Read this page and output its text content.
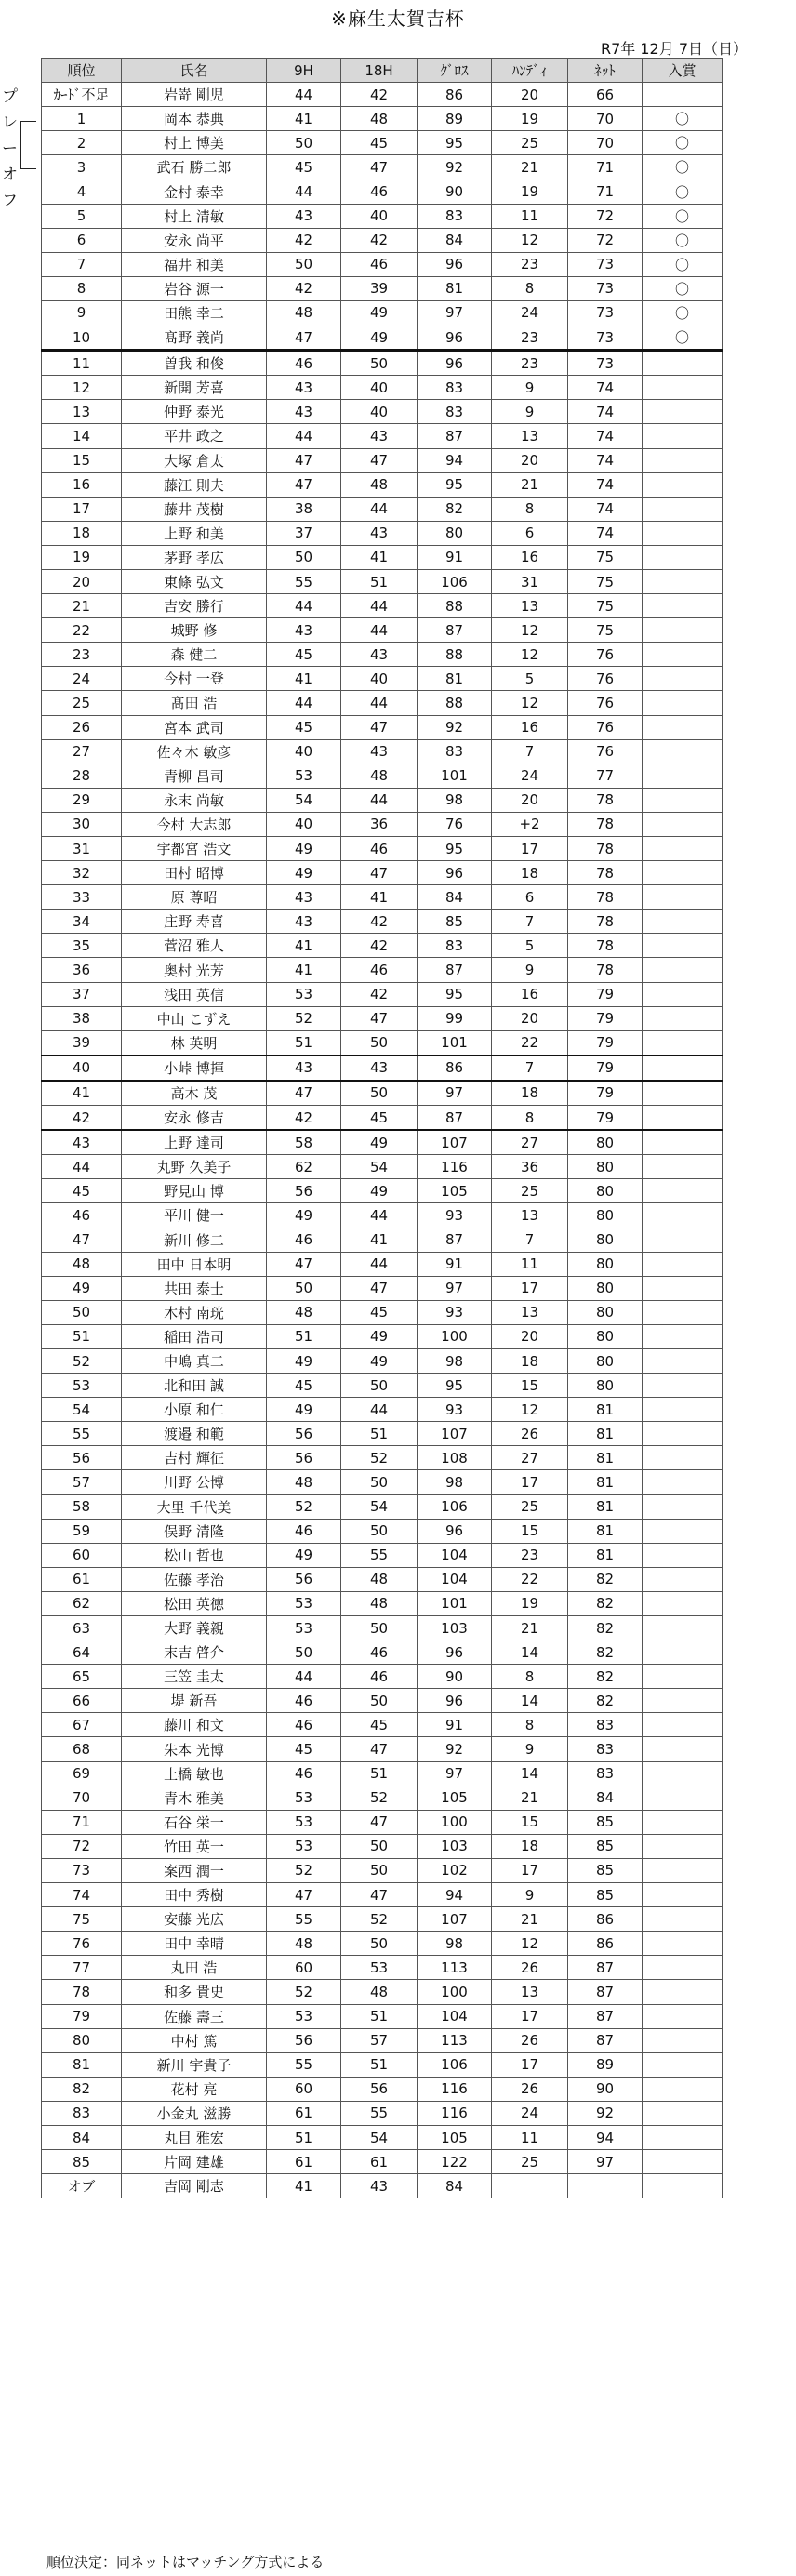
※麻生太賀吉杯
R7年 12月 7日（日）
プ
レ
ー
オ
フ
順位	氏名	9H	18H	ｸﾞﾛｽ	ﾊﾝﾃﾞｨ	ﾈｯﾄ	入賞
ｶｰﾄﾞ不足	岩嵜 剛児	44	42	86	20	66	
1	岡本 恭典	41	48	89	19	70	〇
2	村上 博美	50	45	95	25	70	〇
3	武石 勝二郎	45	47	92	21	71	〇
4	金村 泰幸	44	46	90	19	71	〇
5	村上 清敏	43	40	83	11	72	〇
6	安永 尚平	42	42	84	12	72	〇
7	福井 和美	50	46	96	23	73	〇
8	岩谷 源一	42	39	81	8	73	〇
9	田熊 幸二	48	49	97	24	73	〇
10	髙野 義尚	47	49	96	23	73	〇
11	曽我 和俊	46	50	96	23	73	
12	新開 芳喜	43	40	83	9	74	
13	仲野 泰光	43	40	83	9	74	
14	平井 政之	44	43	87	13	74	
15	大塚 倉太	47	47	94	20	74	
16	藤江 則夫	47	48	95	21	74	
17	藤井 茂樹	38	44	82	8	74	
18	上野 和美	37	43	80	6	74	
19	茅野 孝広	50	41	91	16	75	
20	東條 弘文	55	51	106	31	75	
21	吉安 勝行	44	44	88	13	75	
22	城野 修	43	44	87	12	75	
23	森 健二	45	43	88	12	76	
24	今村 一登	41	40	81	5	76	
25	髙田 浩	44	44	88	12	76	
26	宮本 武司	45	47	92	16	76	
27	佐々木 敏彦	40	43	83	7	76	
28	青柳 昌司	53	48	101	24	77	
29	永末 尚敏	54	44	98	20	78	
30	今村 大志郎	40	36	76	+2	78	
31	宇都宮 浩文	49	46	95	17	78	
32	田村 昭博	49	47	96	18	78	
33	原 尊昭	43	41	84	6	78	
34	庄野 寿喜	43	42	85	7	78	
35	菅沼 雅人	41	42	83	5	78	
36	奥村 光芳	41	46	87	9	78	
37	浅田 英信	53	42	95	16	79	
38	中山 こずえ	52	47	99	20	79	
39	林 英明	51	50	101	22	79	
40	小峠 博揮	43	43	86	7	79	
41	高木 茂	47	50	97	18	79	
42	安永 修吉	42	45	87	8	79	
43	上野 達司	58	49	107	27	80	
44	丸野 久美子	62	54	116	36	80	
45	野見山 博	56	49	105	25	80	
46	平川 健一	49	44	93	13	80	
47	新川 修二	46	41	87	7	80	
48	田中 日本明	47	44	91	11	80	
49	共田 泰士	50	47	97	17	80	
50	木村 南珖	48	45	93	13	80	
51	稲田 浩司	51	49	100	20	80	
52	中嶋 真二	49	49	98	18	80	
53	北和田 誠	45	50	95	15	80	
54	小原 和仁	49	44	93	12	81	
55	渡邉 和範	56	51	107	26	81	
56	吉村 輝征	56	52	108	27	81	
57	川野 公博	48	50	98	17	81	
58	大里 千代美	52	54	106	25	81	
59	俣野 清隆	46	50	96	15	81	
60	松山 哲也	49	55	104	23	81	
61	佐藤 孝治	56	48	104	22	82	
62	松田 英徳	53	48	101	19	82	
63	大野 義親	53	50	103	21	82	
64	末吉 啓介	50	46	96	14	82	
65	三笠 圭太	44	46	90	8	82	
66	堤 新吾	46	50	96	14	82	
67	藤川 和文	46	45	91	8	83	
68	朱本 光博	45	47	92	9	83	
69	土橋 敏也	46	51	97	14	83	
70	青木 雅美	53	52	105	21	84	
71	石谷 栄一	53	47	100	15	85	
72	竹田 英一	53	50	103	18	85	
73	案西 潤一	52	50	102	17	85	
74	田中 秀樹	47	47	94	9	85	
75	安藤 光広	55	52	107	21	86	
76	田中 幸晴	48	50	98	12	86	
77	丸田 浩	60	53	113	26	87	
78	和多 貴史	52	48	100	13	87	
79	佐藤 壽三	53	51	104	17	87	
80	中村 篤	56	57	113	26	87	
81	新川 宇貴子	55	51	106	17	89	
82	花村 亮	60	56	116	26	90	
83	小金丸 滋勝	61	55	116	24	92	
84	丸目 雅宏	51	54	105	11	94	
85	片岡 建雄	61	61	122	25	97	
オブ	吉岡 剛志	41	43	84			
順位決定：同ネットはマッチング方式による
